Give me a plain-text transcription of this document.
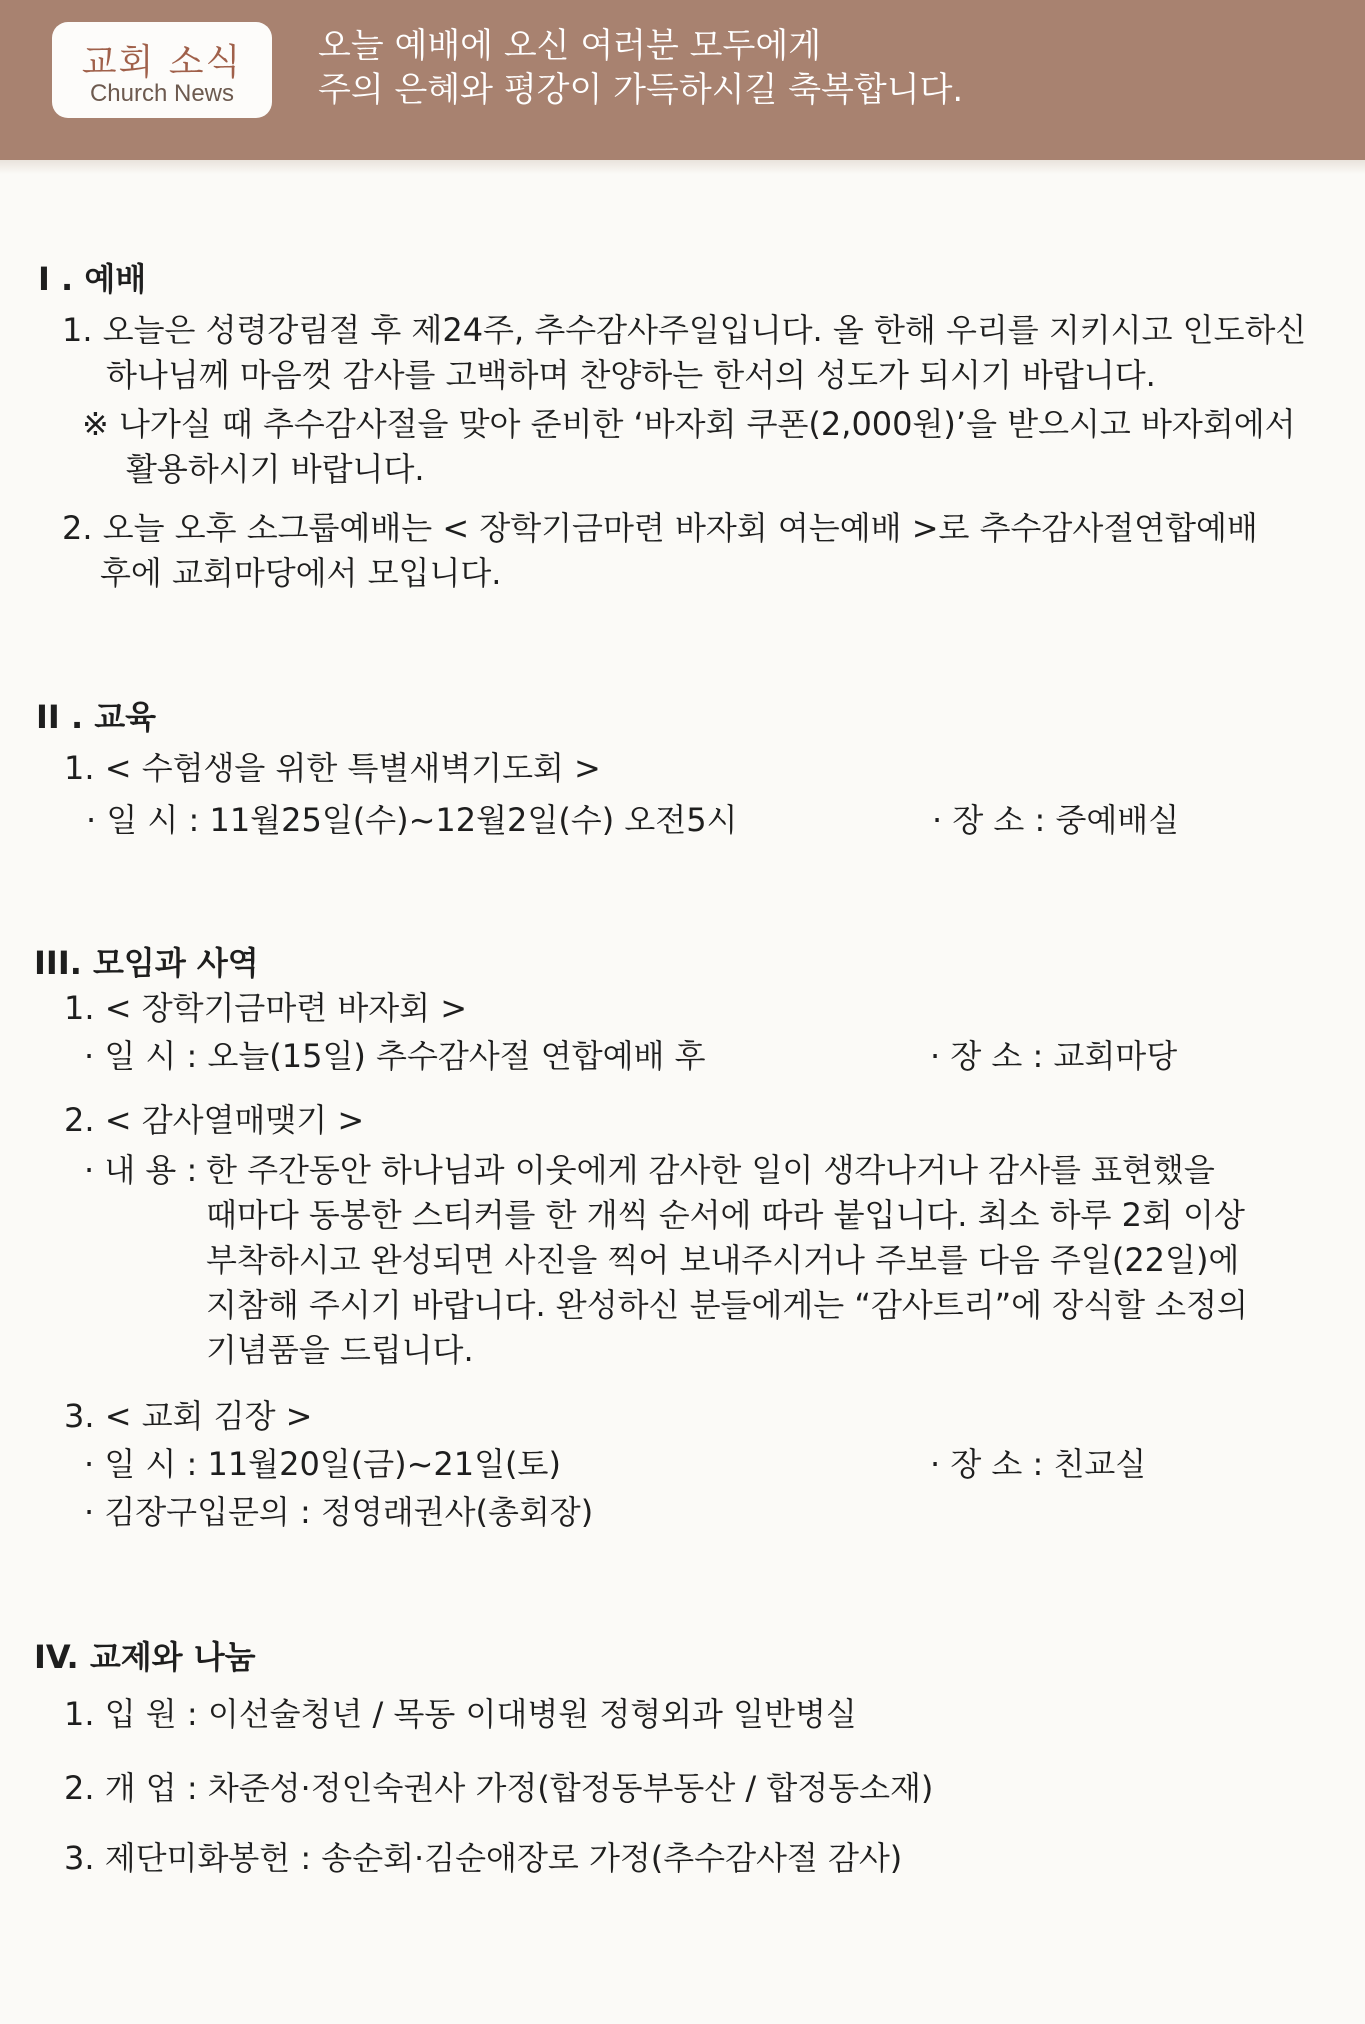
교회 소식
Church News
오늘 예배에 오신 여러분 모두에게
주의 은혜와 평강이 가득하시길 축복합니다.
I . 예배
1. 오늘은 성령강림절 후 제24주, 추수감사주일입니다. 올 한해 우리를 지키시고 인도하신
하나님께 마음껏 감사를 고백하며 찬양하는 한서의 성도가 되시기 바랍니다.
※ 나가실 때 추수감사절을 맞아 준비한 ‘바자회 쿠폰(2,000원)’을 받으시고 바자회에서
활용하시기 바랍니다.
2. 오늘 오후 소그룹예배는 < 장학기금마련 바자회 여는예배 >로 추수감사절연합예배
후에 교회마당에서 모입니다.
II . 교육
1. < 수험생을 위한 특별새벽기도회 >
· 일 시 : 11월25일(수)~12월2일(수) 오전5시	· 장 소 : 중예배실
III. 모임과 사역
1. < 장학기금마련 바자회 >
· 일 시 : 오늘(15일) 추수감사절 연합예배 후	· 장 소 : 교회마당
2. < 감사열매맺기 >
· 내 용 : 한 주간동안 하나님과 이웃에게 감사한 일이 생각나거나 감사를 표현했을
때마다 동봉한 스티커를 한 개씩 순서에 따라 붙입니다. 최소 하루 2회 이상
부착하시고 완성되면 사진을 찍어 보내주시거나 주보를 다음 주일(22일)에
지참해 주시기 바랍니다. 완성하신 분들에게는 “감사트리”에 장식할 소정의
기념품을 드립니다.
3. < 교회 김장 >
· 일 시 : 11월20일(금)~21일(토)	· 장 소 : 친교실
· 김장구입문의 : 정영래권사(총회장)
IV. 교제와 나눔
1. 입 원 : 이선술청년 / 목동 이대병원 정형외과 일반병실
2. 개 업 : 차준성·정인숙권사 가정(합정동부동산 / 합정동소재)
3. 제단미화봉헌 : 송순회·김순애장로 가정(추수감사절 감사)
